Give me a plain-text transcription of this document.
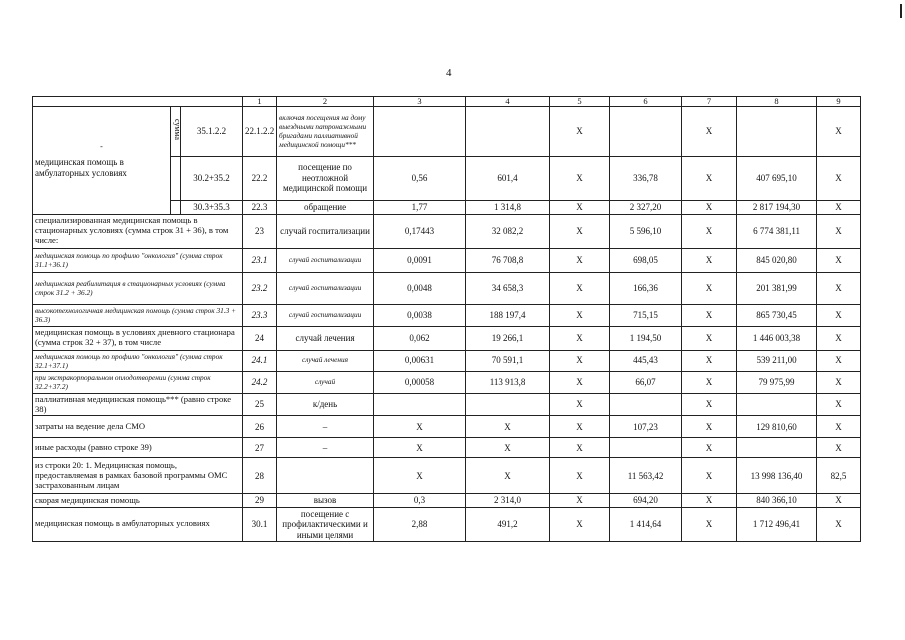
4
			1	2	3	4	5	6	7	8	9

-
медицинская помощь в амбулаторных условиях	сумма	35.1.2.2	22.1.2.2	включая посещения на дому выездными патронажными бригадами паллиативной медицинской помощи***			X		X		X
		30.2+35.2	22.2	посещение по неотложной медицинской помощи	0,56	601,4	X	336,78	X	407 695,10	X
		30.3+35.3	22.3	обращение	1,77	1 314,8	X	2 327,20	X	2 817 194,30	X
специализированная медицинская помощь в стационарных условиях (сумма строк 31 + 36), в том числе:			23	случай госпитализации	0,17443	32 082,2	X	5 596,10	X	6 774 381,11	X
медицинская помощь по профилю "онкология" (сумма строк 31.1+36.1)			23.1	случай госпитализации	0,0091	76 708,8	X	698,05	X	845 020,80	X
медицинская реабилитация в стационарных условиях (сумма строк 31.2 + 36.2)			23.2	случай госпитализации	0,0048	34 658,3	X	166,36	X	201 381,99	X
высокотехнологичная медицинская помощь (сумма строк 31.3 + 36.3)			23.3	случай госпитализации	0,0038	188 197,4	X	715,15	X	865 730,45	X
медицинская помощь в условиях дневного стационара (сумма строк 32 + 37), в том числе			24	случай лечения	0,062	19 266,1	X	1 194,50	X	1 446 003,38	X
медицинская помощь по профилю "онкология" (сумма строк 32.1+37.1)			24.1	случай лечения	0,00631	70 591,1	X	445,43	X	539 211,00	X
при экстракорпоральном оплодотворении (сумма строк 32.2+37.2)			24.2	случай	0,00058	113 913,8	X	66,07	X	79 975,99	X
паллиативная медицинская помощь*** (равно строке 38)			25	к/день			X		X		X
затраты на ведение дела СМО			26	–	X	X	X	107,23	X	129 810,60	X
иные расходы (равно строке 39)			27	–	X	X	X		X		X
из строки 20: 1. Медицинская помощь, предоставляемая в рамках базовой программы ОМС застрахованным лицам			28		X	X	X	11 563,42	X	13 998 136,40	82,5
скорая медицинская помощь			29	вызов	0,3	2 314,0	X	694,20	X	840 366,10	X
медицинская помощь в амбулаторных условиях			30.1	посещение с профилактическими и иными целями	2,88	491,2	X	1 414,64	X	1 712 496,41	X
